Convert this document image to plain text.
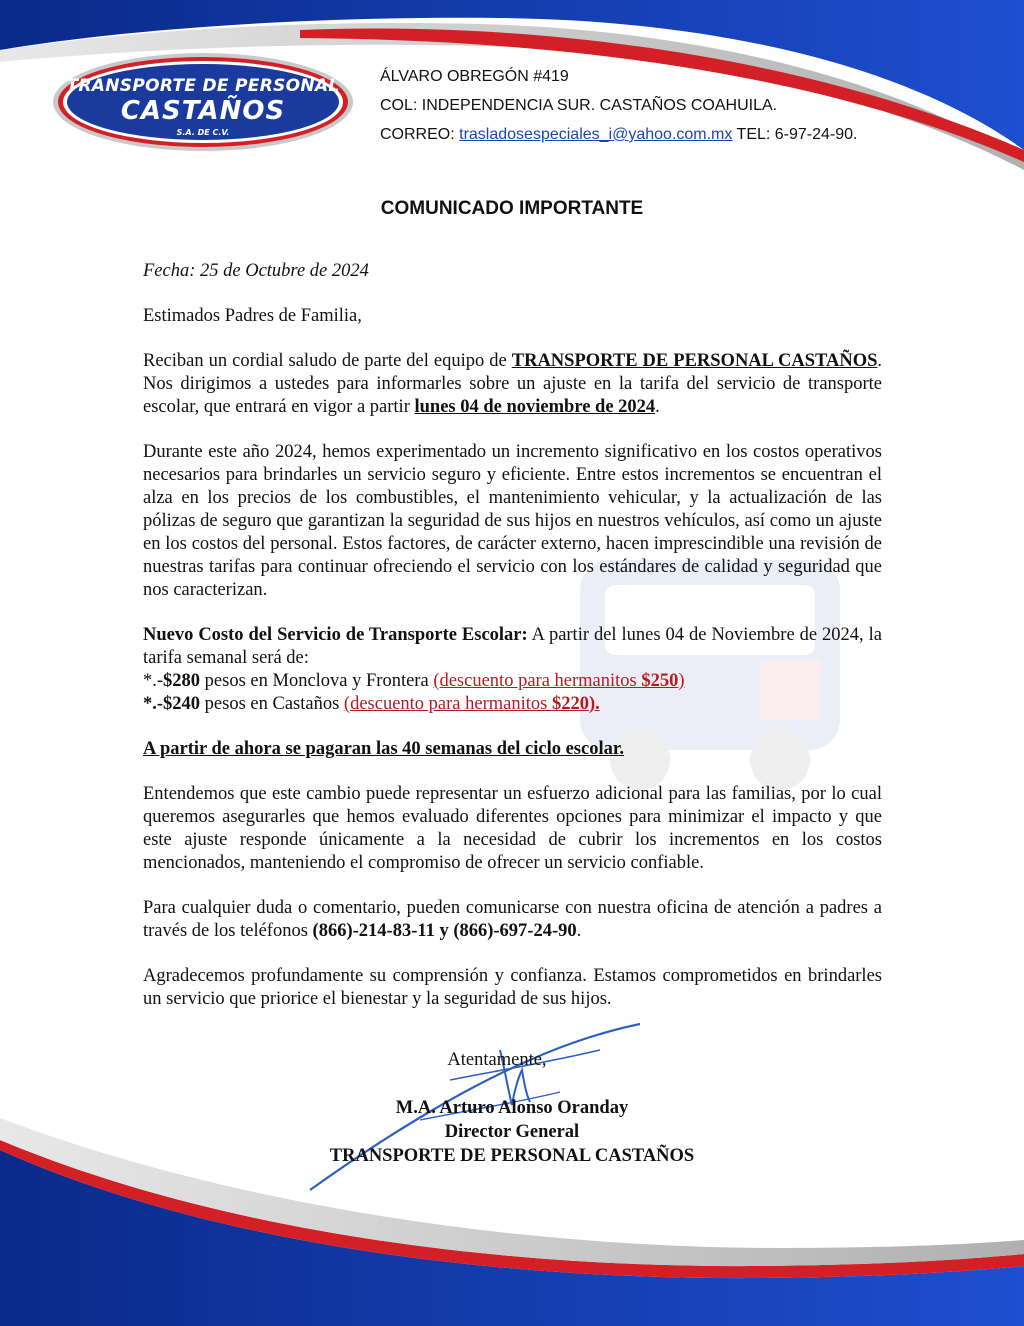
TRANSPORTE DE PERSONAL
CASTAÑOS
S.A. DE C.V.
ÁLVARO OBREGÓN #419
COL: INDEPENDENCIA SUR. CASTAÑOS COAHUILA.
CORREO: trasladosespeciales_i@yahoo.com.mx TEL: 6-97-24-90.
COMUNICADO IMPORTANTE

Fecha: 25 de Octubre de 2024

Estimados Padres de Familia,

Reciban un cordial saludo de parte del equipo de TRANSPORTE DE PERSONAL CASTAÑOS. Nos dirigimos a ustedes para informarles sobre un ajuste en la tarifa del servicio de transporte escolar, que entrará en vigor a partir lunes 04 de noviembre de 2024.

Durante este año 2024, hemos experimentado un incremento significativo en los costos operativos necesarios para brindarles un servicio seguro y eficiente. Entre estos incrementos se encuentran el alza en los precios de los combustibles, el mantenimiento vehicular, y la actualización de las pólizas de seguro que garantizan la seguridad de sus hijos en nuestros vehículos, así como un ajuste en los costos del personal. Estos factores, de carácter externo, hacen imprescindible una revisión de nuestras tarifas para continuar ofreciendo el servicio con los estándares de calidad y seguridad que nos caracterizan.

Nuevo Costo del Servicio de Transporte Escolar: A partir del lunes 04 de Noviembre de 2024, la tarifa semanal será de:

*.-$280 pesos en Monclova y Frontera (descuento para hermanitos $250)

*.-$240 pesos en Castaños (descuento para hermanitos $220).

A partir de ahora se pagaran las 40 semanas del ciclo escolar.

Entendemos que este cambio puede representar un esfuerzo adicional para las familias, por lo cual queremos asegurarles que hemos evaluado diferentes opciones para minimizar el impacto y que este ajuste responde únicamente a la necesidad de cubrir los incrementos en los costos mencionados, manteniendo el compromiso de ofrecer un servicio confiable.

Para cualquier duda o comentario, pueden comunicarse con nuestra oficina de atención a padres a través de los teléfonos (866)-214-83-11 y (866)-697-24-90.

Agradecemos profundamente su comprensión y confianza. Estamos comprometidos en brindarles un servicio que priorice el bienestar y la seguridad de sus hijos.

Atentamente,
M.A. Arturo Alonso Oranday
Director General
TRANSPORTE DE PERSONAL CASTAÑOS
